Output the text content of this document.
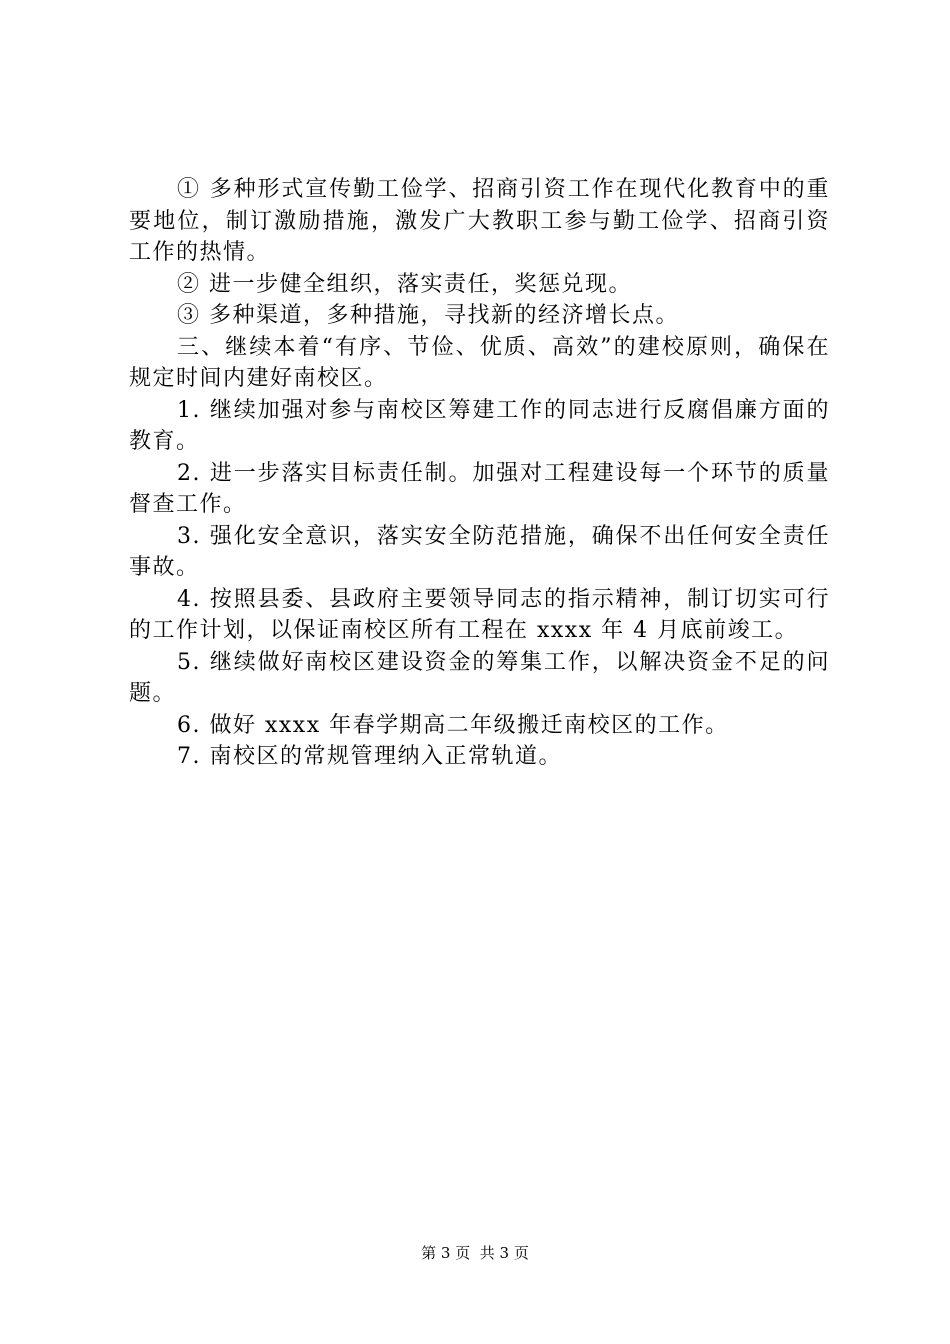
① 多种形式宣传勤工俭学、招商引资工作在现代化教育中的重要地位，制订激励措施，激发广大教职工参与勤工俭学、招商引资工作的热情。

② 进一步健全组织，落实责任，奖惩兑现。

③ 多种渠道，多种措施，寻找新的经济增长点。

三、继续本着“有序、节俭、优质、高效”的建校原则，确保在规定时间内建好南校区。

1. 继续加强对参与南校区筹建工作的同志进行反腐倡廉方面的教育。

2. 进一步落实目标责任制。加强对工程建设每一个环节的质量督查工作。

3. 强化安全意识，落实安全防范措施，确保不出任何安全责任事故。

4. 按照县委、县政府主要领导同志的指示精神，制订切实可行的工作计划，以保证南校区所有工程在 xxxx 年 4 月底前竣工。

5. 继续做好南校区建设资金的筹集工作，以解决资金不足的问题。

6. 做好 xxxx 年春学期高二年级搬迁南校区的工作。

7. 南校区的常规管理纳入正常轨道。

第 3 页  共 3 页
